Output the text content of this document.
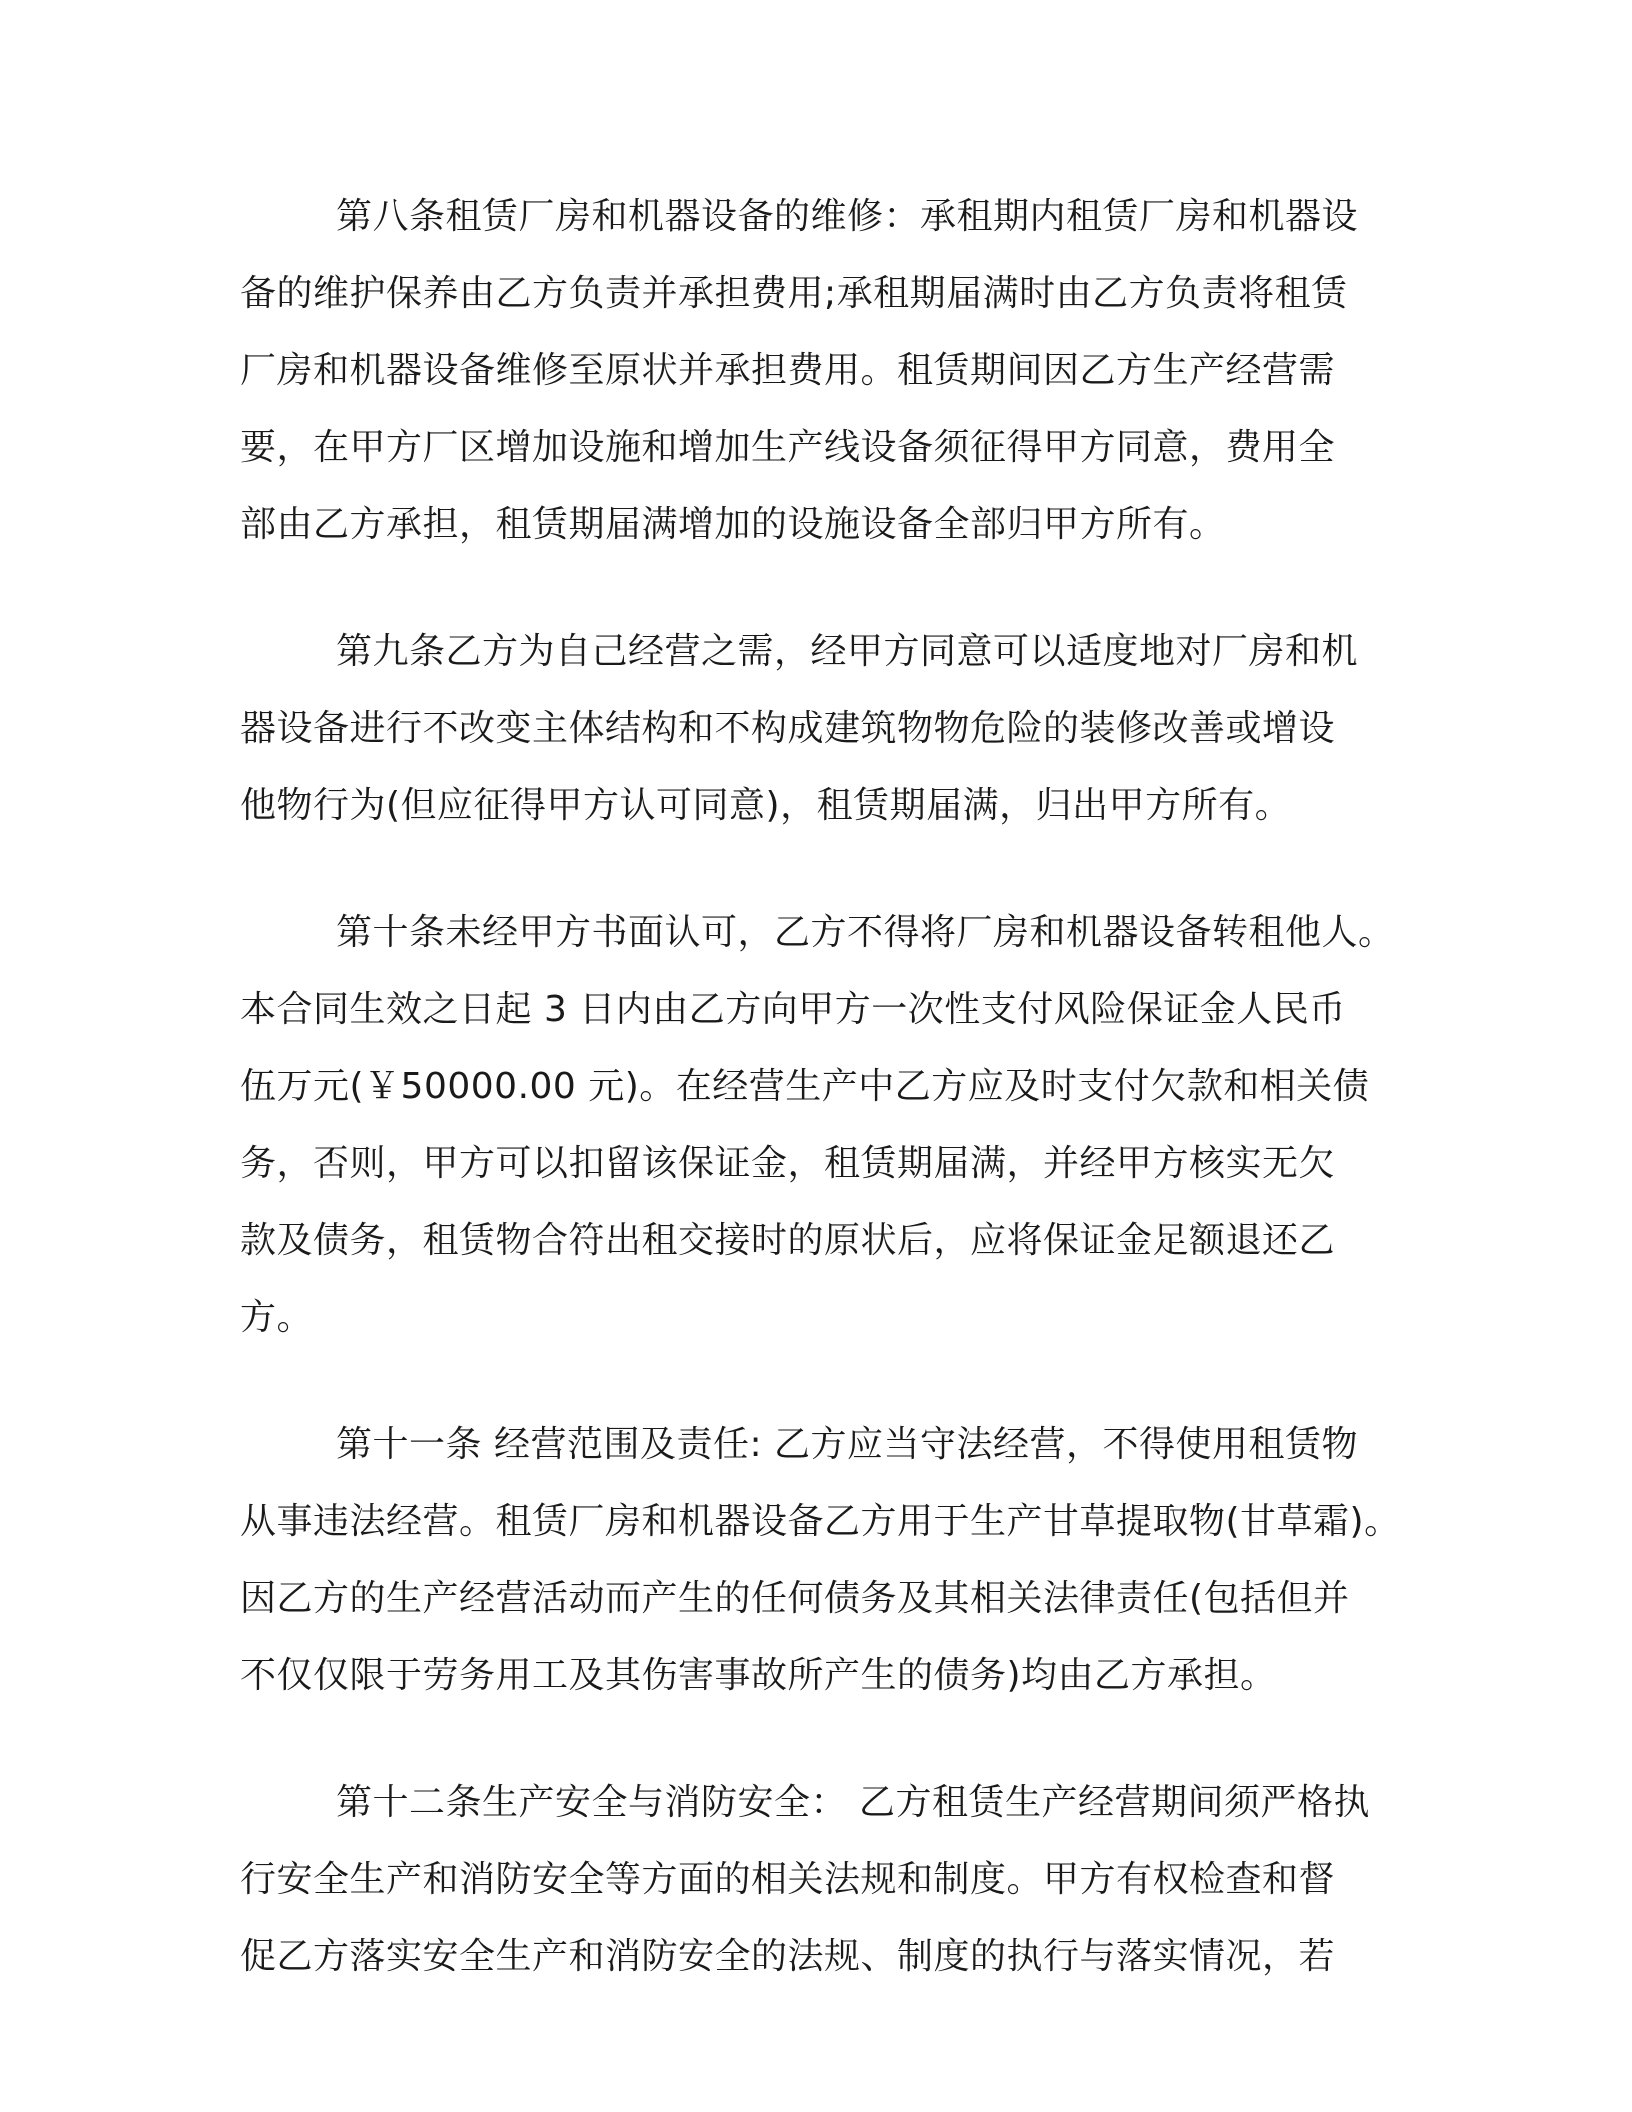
第八条租赁厂房和机器设备的维修：承租期内租赁厂房和机器设
备的维护保养由乙方负责并承担费用;承租期届满时由乙方负责将租赁
厂房和机器设备维修至原状并承担费用。租赁期间因乙方生产经营需
要，在甲方厂区增加设施和增加生产线设备须征得甲方同意，费用全
部由乙方承担，租赁期届满增加的设施设备全部归甲方所有。
第九条乙方为自己经营之需，经甲方同意可以适度地对厂房和机
器设备进行不改变主体结构和不构成建筑物物危险的装修改善或增设
他物行为(但应征得甲方认可同意)，租赁期届满，归出甲方所有。
第十条未经甲方书面认可，乙方不得将厂房和机器设备转租他人。
本合同生效之日起 3 日内由乙方向甲方一次性支付风险保证金人民币
伍万元(￥50000.00 元)。在经营生产中乙方应及时支付欠款和相关债
务，否则，甲方可以扣留该保证金，租赁期届满，并经甲方核实无欠
款及债务，租赁物合符出租交接时的原状后，应将保证金足额退还乙
方。
第十一条 经营范围及责任: 乙方应当守法经营，不得使用租赁物
从事违法经营。租赁厂房和机器设备乙方用于生产甘草提取物(甘草霜)。
因乙方的生产经营活动而产生的任何债务及其相关法律责任(包括但并
不仅仅限于劳务用工及其伤害事故所产生的债务)均由乙方承担。
第十二条生产安全与消防安全： 乙方租赁生产经营期间须严格执
行安全生产和消防安全等方面的相关法规和制度。甲方有权检查和督
促乙方落实安全生产和消防安全的法规、制度的执行与落实情况，若
